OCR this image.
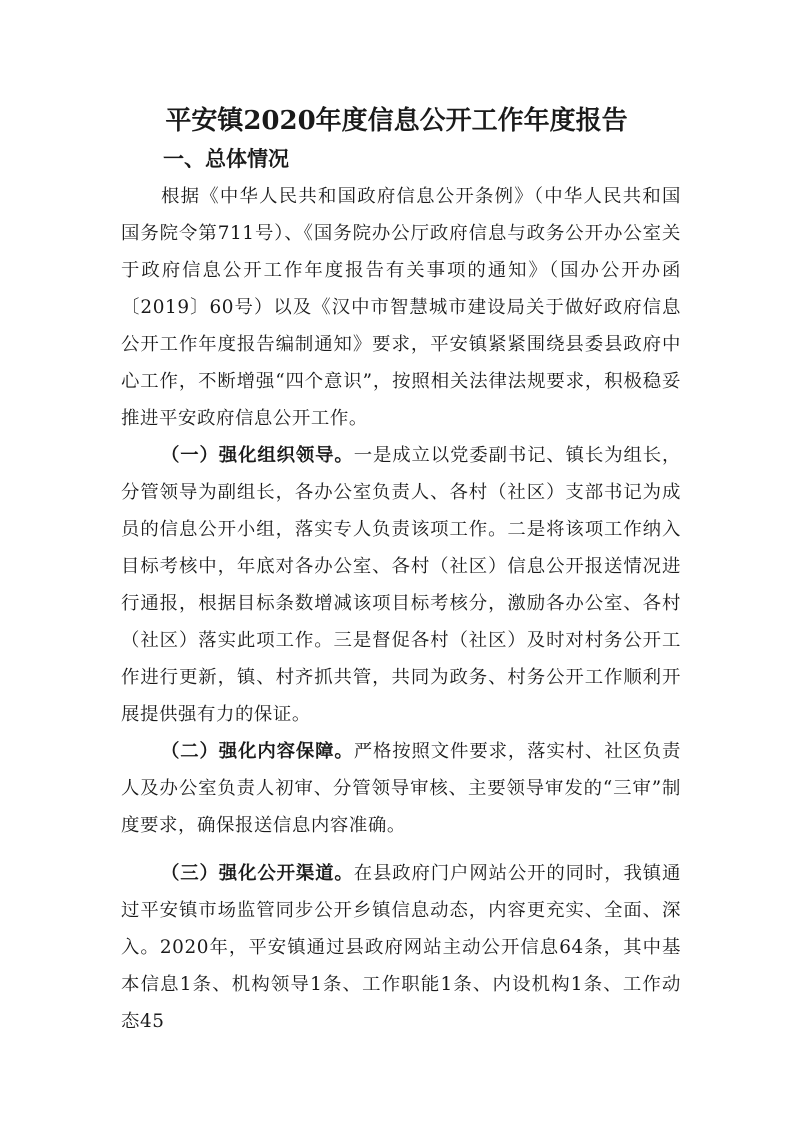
平安镇2020年度信息公开工作年度报告
一、总体情况

根据《中华人民共和国政府信息公开条例》（中华人民共和国国务院令第711号）、《国务院办公厅政府信息与政务公开办公室关于政府信息公开工作年度报告有关事项的通知》（国办公开办函〔2019〕60号）以及《汉中市智慧城市建设局关于做好政府信息公开工作年度报告编制通知》要求，平安镇紧紧围绕县委县政府中心工作，不断增强“四个意识”，按照相关法律法规要求，积极稳妥推进平安政府信息公开工作。

（一）强化组织领导。一是成立以党委副书记、镇长为组长，分管领导为副组长，各办公室负责人、各村（社区）支部书记为成员的信息公开小组，落实专人负责该项工作。二是将该项工作纳入目标考核中，年底对各办公室、各村（社区）信息公开报送情况进行通报，根据目标条数增减该项目标考核分，激励各办公室、各村（社区）落实此项工作。三是督促各村（社区）及时对村务公开工作进行更新，镇、村齐抓共管，共同为政务、村务公开工作顺利开展提供强有力的保证。

（二）强化内容保障。严格按照文件要求，落实村、社区负责人及办公室负责人初审、分管领导审核、主要领导审发的“三审”制度要求，确保报送信息内容准确。

（三）强化公开渠道。在县政府门户网站公开的同时，我镇通过平安镇市场监管同步公开乡镇信息动态，内容更充实、全面、深入。2020年，平安镇通过县政府网站主动公开信息64条，其中基本信息1条、机构领导1条、工作职能1条、内设机构1条、工作动态45
